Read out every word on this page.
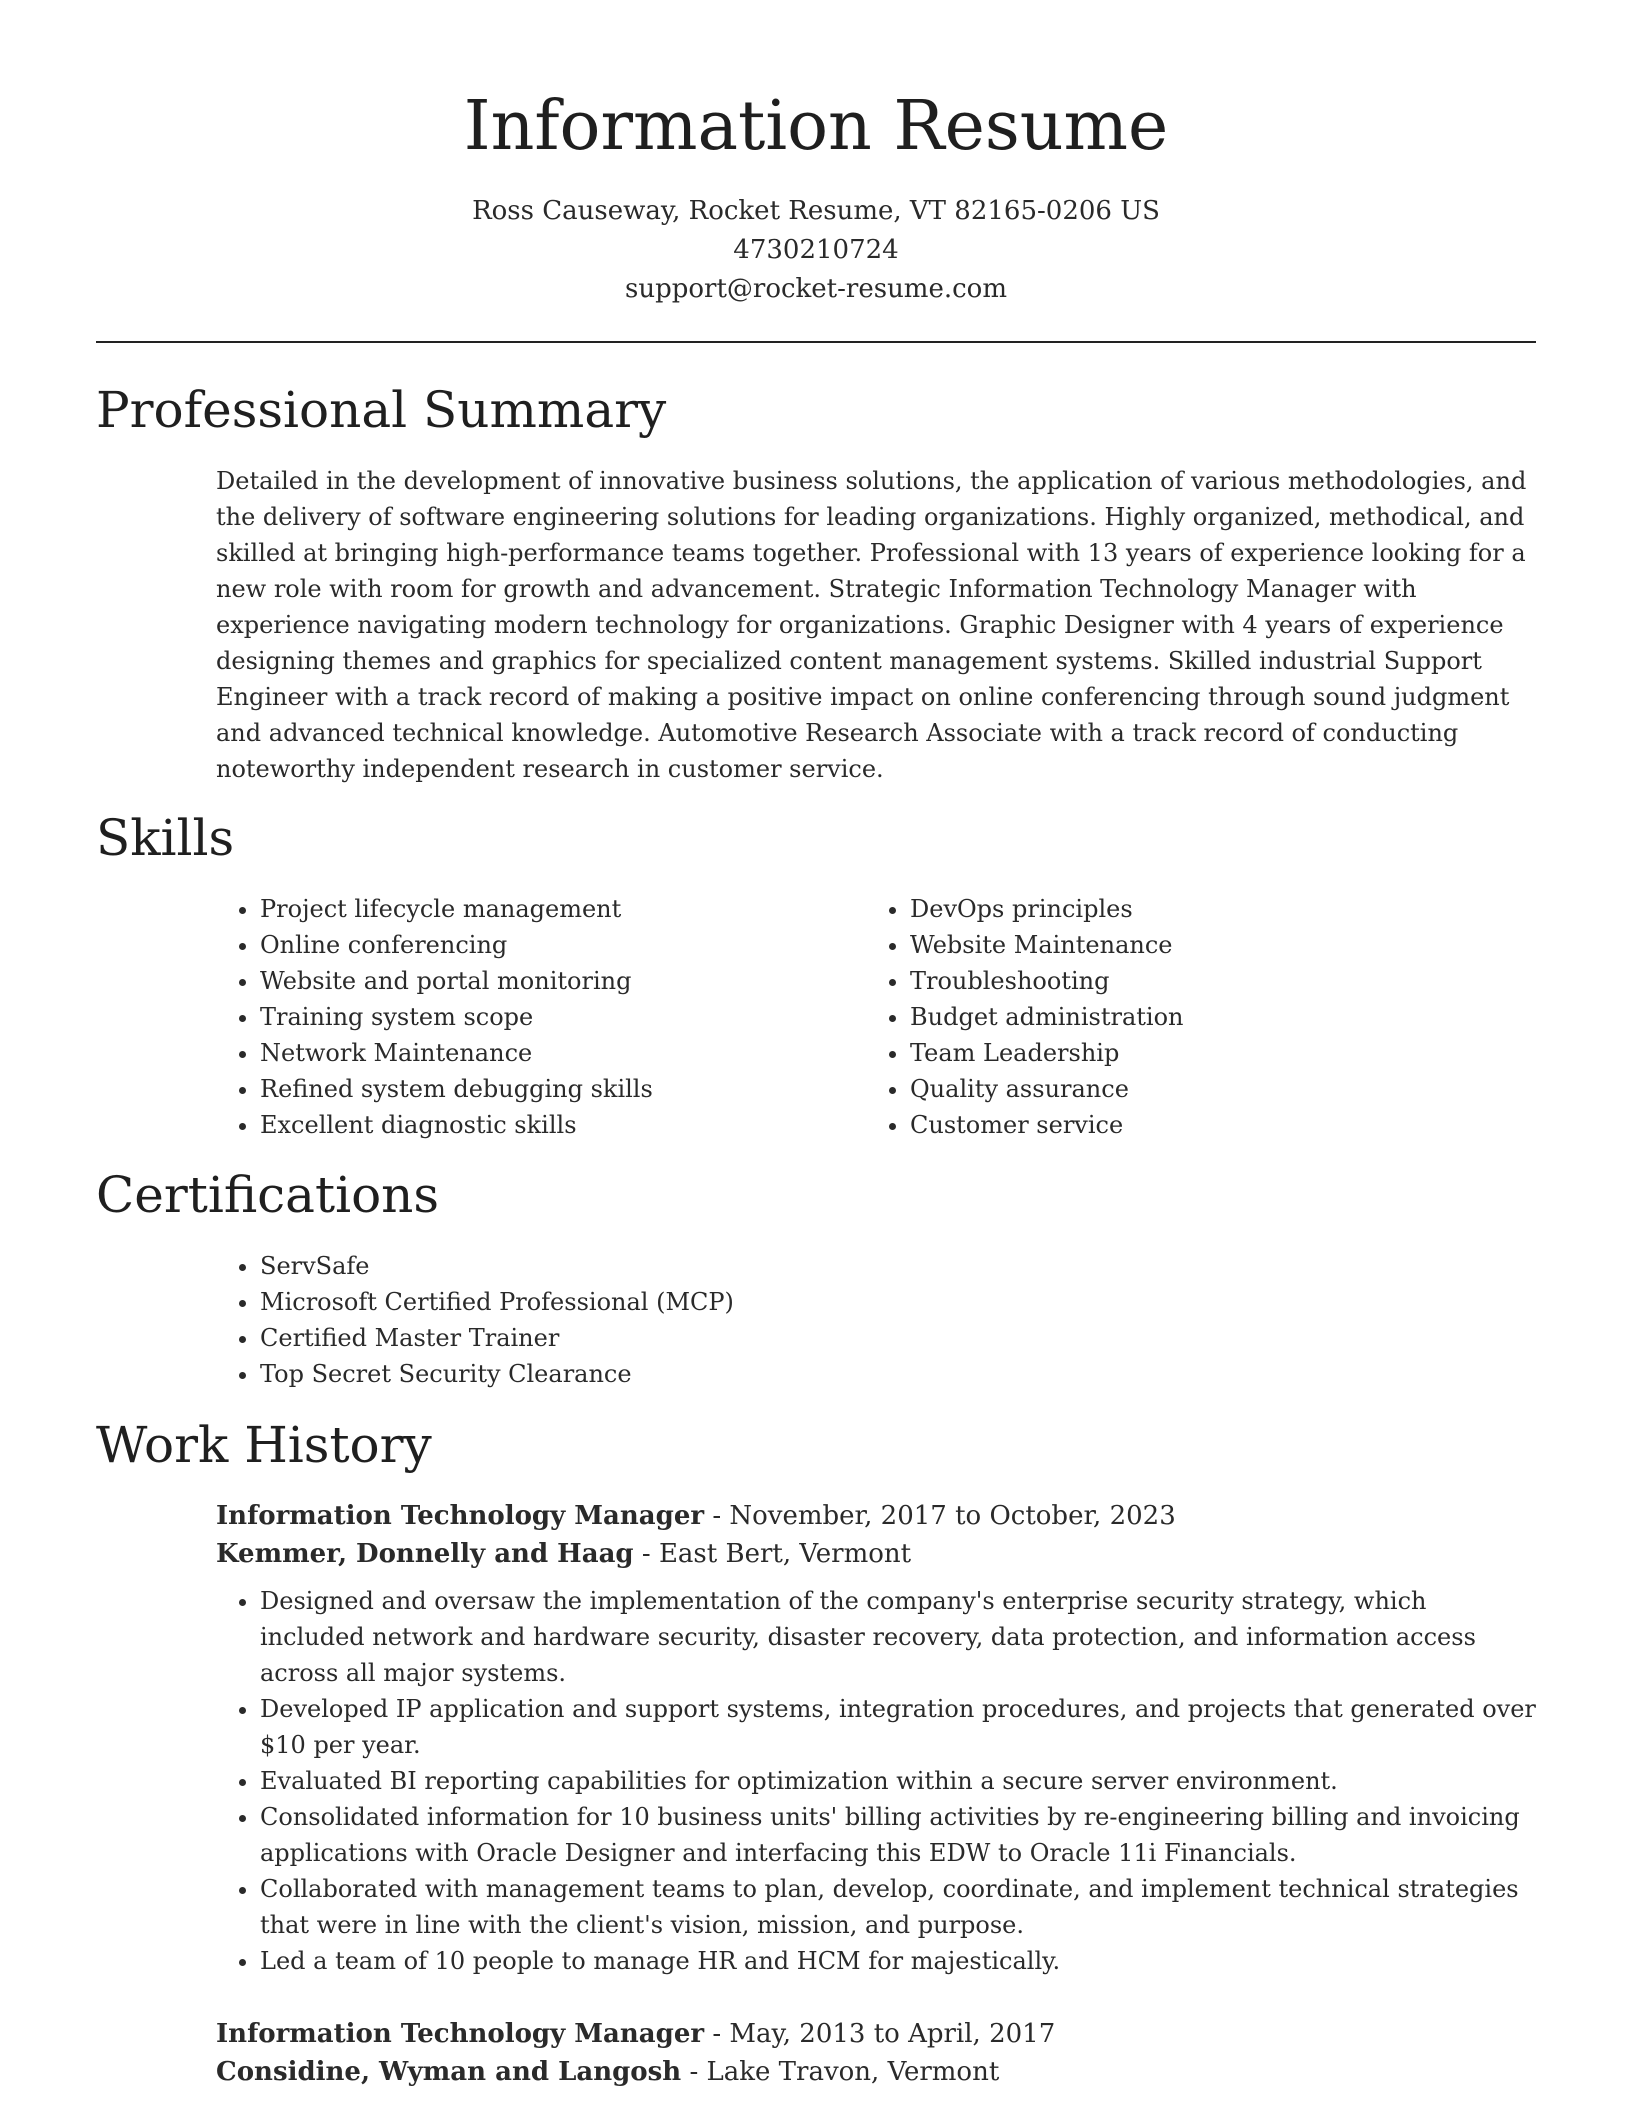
Information Resume
Ross Causeway, Rocket Resume, VT 82165-0206 US
4730210724
support@rocket-resume.com
Professional Summary

Detailed in the development of innovative business solutions, the application of various methodologies, and the delivery of software engineering solutions for leading organizations. Highly organized, methodical, and skilled at bringing high-performance teams together. Professional with 13 years of experience looking for a new role with room for growth and advancement. Strategic Information Technology Manager with experience navigating modern technology for organizations. Graphic Designer with 4 years of experience designing themes and graphics for specialized content management systems. Skilled industrial Support Engineer with a track record of making a positive impact on online conferencing through sound judgment and advanced technical knowledge. Automotive Research Associate with a track record of conducting noteworthy independent research in customer service.

Skills
• Project lifecycle management
• Online conferencing
• Website and portal monitoring
• Training system scope
• Network Maintenance
• Refined system debugging skills
• Excellent diagnostic skills
• DevOps principles
• Website Maintenance
• Troubleshooting
• Budget administration
• Team Leadership
• Quality assurance
• Customer service
Certifications
• ServSafe
• Microsoft Certified Professional (MCP)
• Certified Master Trainer
• Top Secret Security Clearance
Work History
Information Technology Manager - November, 2017 to October, 2023
Kemmer, Donnelly and Haag - East Bert, Vermont
• Designed and oversaw the implementation of the company's enterprise security strategy, which included network and hardware security, disaster recovery, data protection, and information access across all major systems.
• Developed IP application and support systems, integration procedures, and projects that generated over $10 per year.
• Evaluated BI reporting capabilities for optimization within a secure server environment.
• Consolidated information for 10 business units' billing activities by re-engineering billing and invoicing applications with Oracle Designer and interfacing this EDW to Oracle 11i Financials.
• Collaborated with management teams to plan, develop, coordinate, and implement technical strategies that were in line with the client's vision, mission, and purpose.
• Led a team of 10 people to manage HR and HCM for majestically.
Information Technology Manager - May, 2013 to April, 2017
Considine, Wyman and Langosh - Lake Travon, Vermont
